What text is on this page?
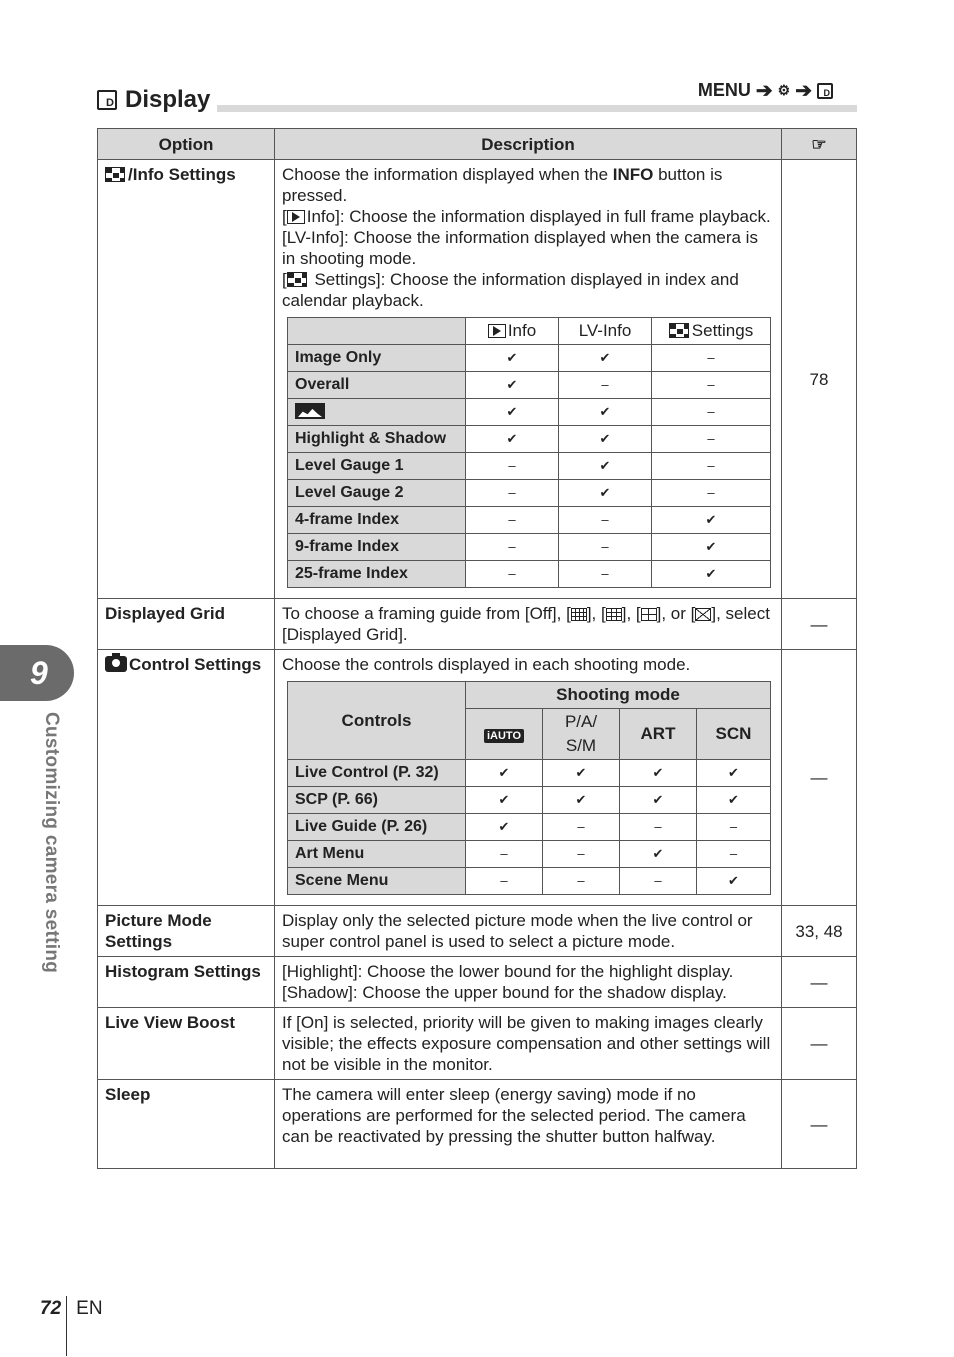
D
Display	MENU ➔ ⚙ ➔
D
Option	Description	☞
/Info Settings	Choose the information displayed when the INFO button is pressed.
[ Info]: Choose the information displayed in full frame playback.
[LV-Info]: Choose the information displayed when the camera is in shooting mode.
[ Settings]: Choose the information displayed in index and calendar playback.
	Info	LV-Info	Settings
Image Only	✔	✔	–
Overall	✔	–	–
	✔	✔	–
Highlight & Shadow	✔	✔	–
Level Gauge 1	–	✔	–
Level Gauge 2	–	✔	–
4-frame Index	–	–	✔
9-frame Index	–	–	✔
25-frame Index	–	–	✔
	78
Displayed Grid	To choose a framing guide from [Off], [ ], [ ], [ ], or [ ], select [Displayed Grid].	—
Control Settings	Choose the controls displayed in each shooting mode.
Controls	Shooting mode
iAUTO	P/A/ S/M	ART	SCN
Live Control (P. 32)	✔	✔	✔	✔
SCP (P. 66)	✔	✔	✔	✔
Live Guide (P. 26)	✔	–	–	–
Art Menu	–	–	✔	–
Scene Menu	–	–	–	✔
	—
Picture Mode Settings	Display only the selected picture mode when the live control or super control panel is used to select a picture mode.	33, 48
Histogram Settings	[Highlight]: Choose the lower bound for the highlight display. [Shadow]: Choose the upper bound for the shadow display.	—
Live View Boost	If [On] is selected, priority will be given to making images clearly visible; the effects exposure compensation and other settings will not be visible in the monitor.	—
Sleep	The camera will enter sleep (energy saving) mode if no operations are performed for the selected period. The camera can be reactivated by pressing the shutter button halfway.	—
9
Customizing camera setting
72 EN
